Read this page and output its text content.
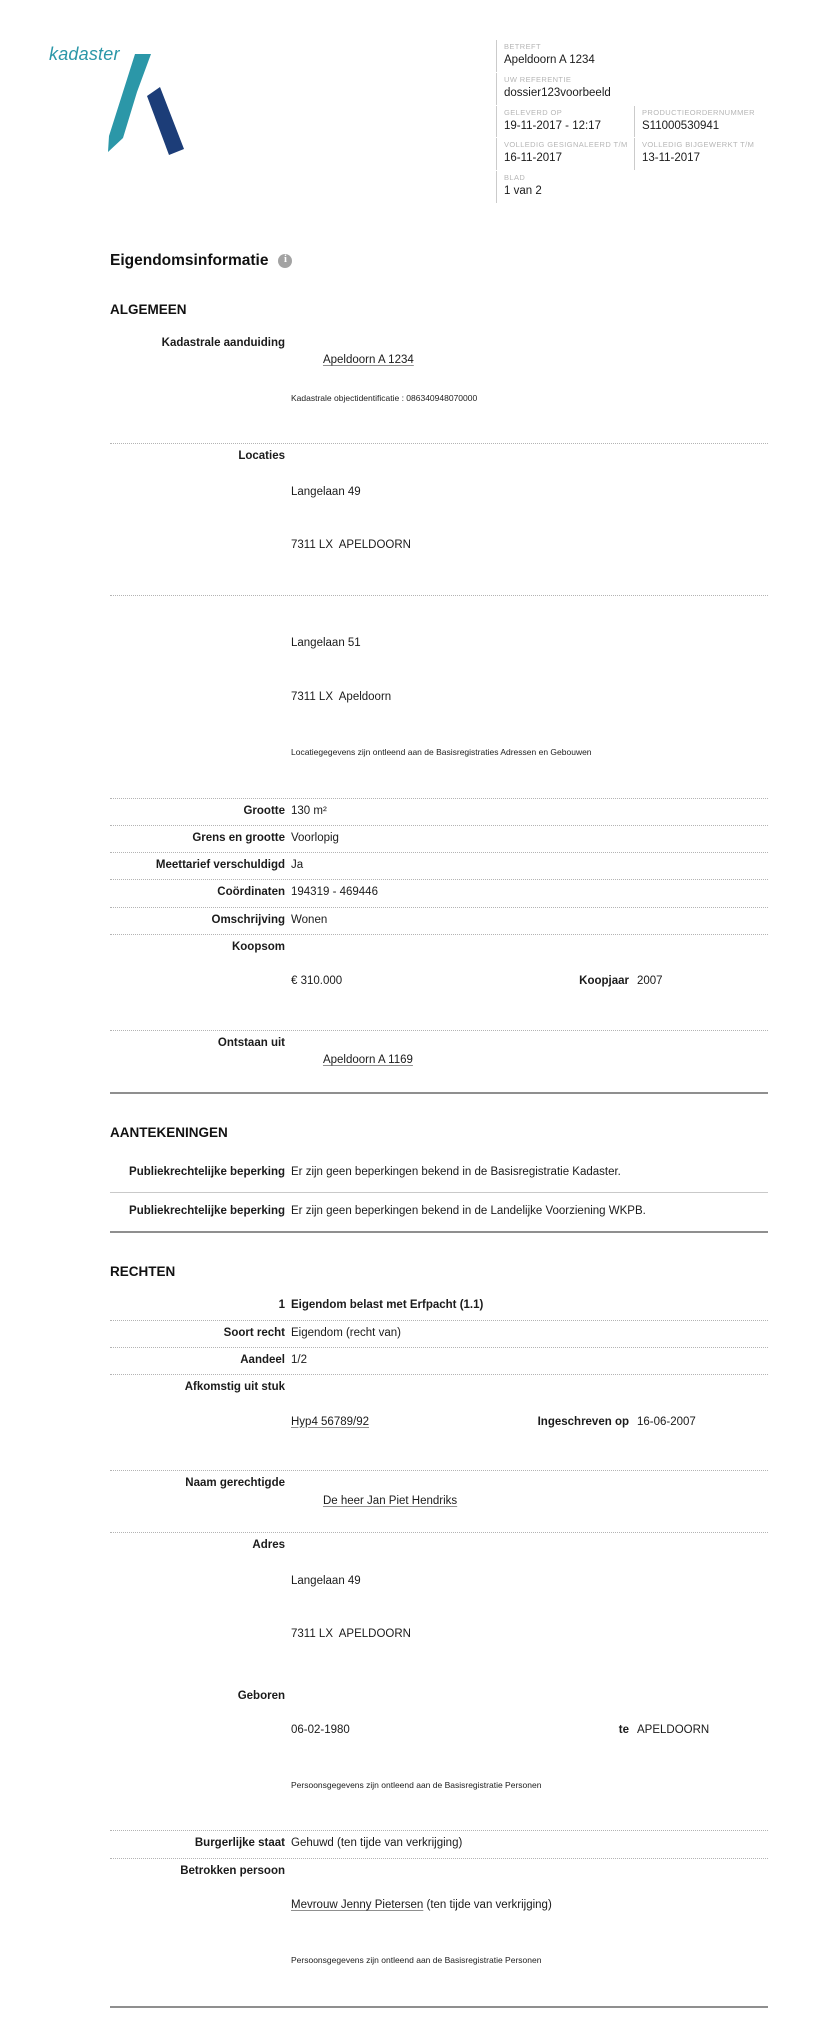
kadaster	BETREFT
Apeldoorn A 1234
UW REFERENTIE
dossier123voorbeeld
GELEVERD OP
19-11-2017 - 12:17
PRODUCTIEORDERNUMMER
S11000530941
VOLLEDIG GESIGNALEERD T/M
16-11-2017
VOLLEDIG BIJGEWERKT T/M
13-11-2017
BLAD
1 van 2
Eigendomsinformatie	i
ALGEMEEN
Kadastrale aanduiding

Apeldoorn A 1234

Kadastrale objectidentificatie : 086340948070000

Locaties

Langelaan 49

7311 LX  APELDOORN

Langelaan 51

7311 LX  Apeldoorn

Locatiegegevens zijn ontleend aan de Basisregistraties Adressen en Gebouwen

Grootte 130 m²
Grens en grootte Voorlopig
Meettarief verschuldigd Ja
Coördinaten 194319 - 469446
Omschrijving Wonen
Koopsom

€ 310.000	Koopjaar 2007

Ontstaan uit

Apeldoorn A 1169

AANTEKENINGEN
Publiekrechtelijke beperking Er zijn geen beperkingen bekend in de Basisregistratie Kadaster.
Publiekrechtelijke beperking Er zijn geen beperkingen bekend in de Landelijke Voorziening WKPB.
RECHTEN
1 Eigendom belast met Erfpacht (1.1)
Soort recht Eigendom (recht van)
Aandeel 1/2
Afkomstig uit stuk

Hyp4 56789/92	Ingeschreven op 16-06-2007

Naam gerechtigde

De heer Jan Piet Hendriks

Adres

Langelaan 49

7311 LX  APELDOORN

Geboren

06-02-1980	te APELDOORN

Persoonsgegevens zijn ontleend aan de Basisregistratie Personen

Burgerlijke staat Gehuwd (ten tijde van verkrijging)
Betrokken persoon

Mevrouw Jenny Pietersen (ten tijde van verkrijging)

Persoonsgegevens zijn ontleend aan de Basisregistratie Personen
